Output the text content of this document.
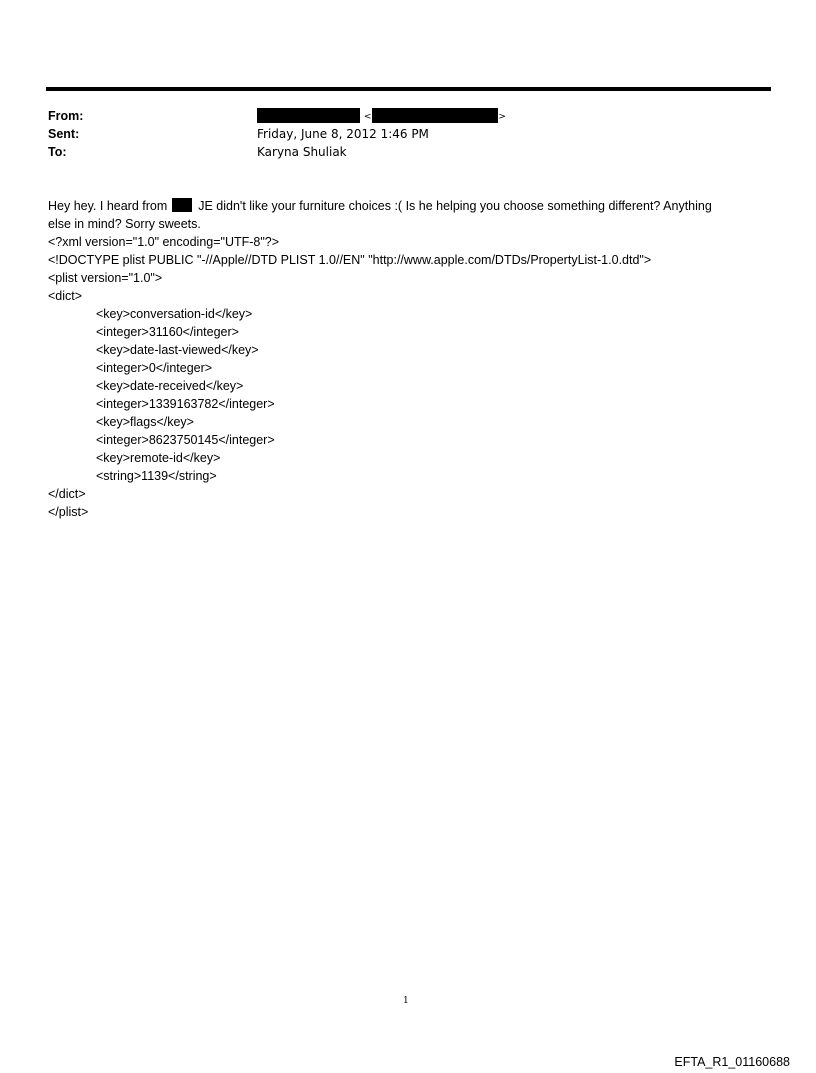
From:
Sent:
To:
<	>
Friday, June 8, 2012 1:46 PM
Karyna Shuliak
Hey hey. I heard from JE didn't like your furniture choices :( Is he helping you choose something different? Anything
else in mind? Sorry sweets.
<?xml version="1.0" encoding="UTF-8"?>
<!DOCTYPE plist PUBLIC "-//Apple//DTD PLIST 1.0//EN" "http://www.apple.com/DTDs/PropertyList-1.0.dtd">
<plist version="1.0">
<dict>
<key>conversation-id</key>
<integer>31160</integer>
<key>date-last-viewed</key>
<integer>0</integer>
<key>date-received</key>
<integer>1339163782</integer>
<key>flags</key>
<integer>8623750145</integer>
<key>remote-id</key>
<string>1139</string>
</dict>
</plist>
1
EFTA_R1_01160688
